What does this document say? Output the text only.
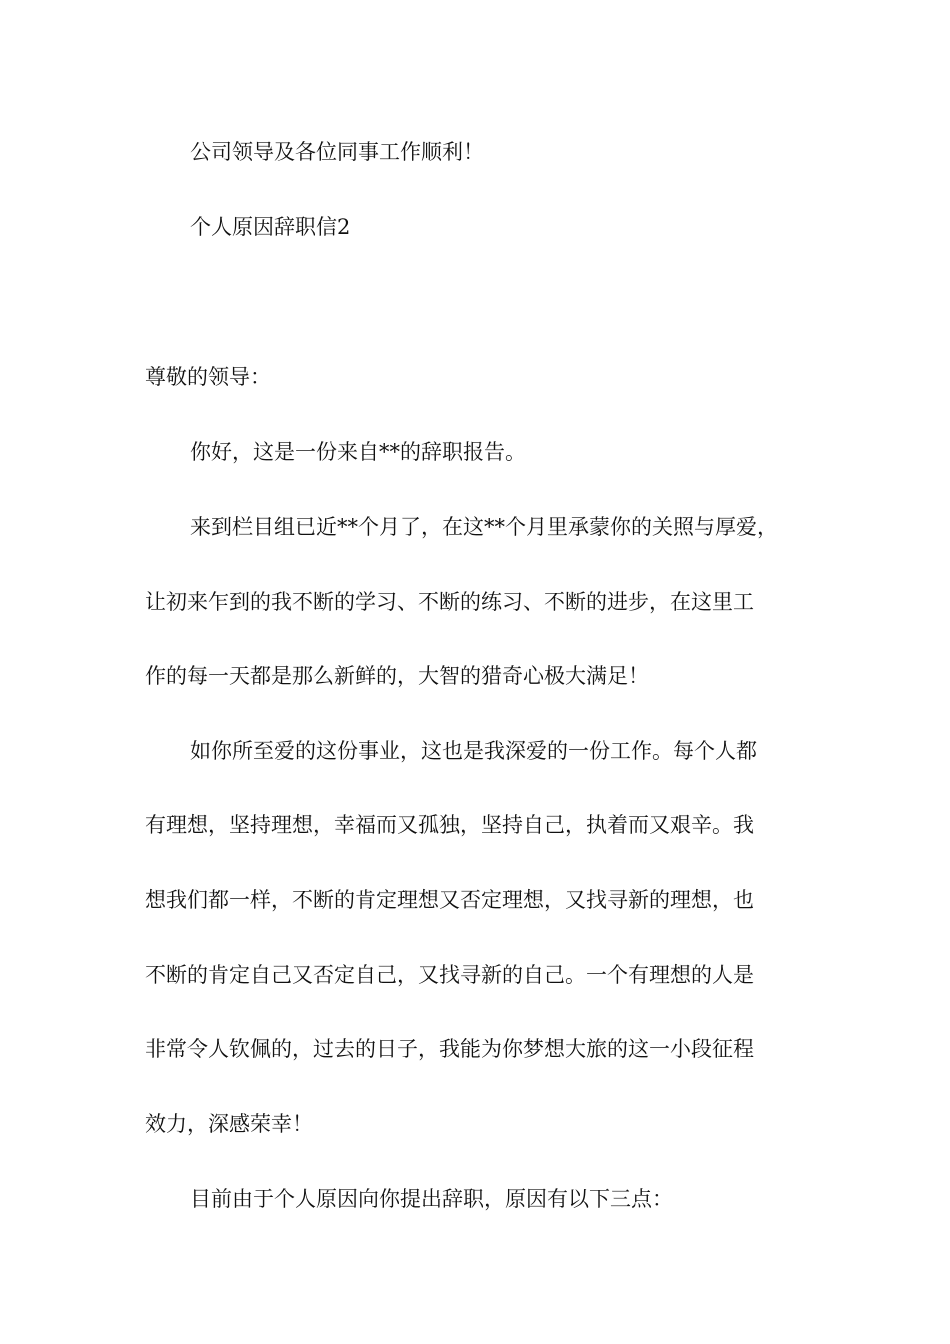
公司领导及各位同事工作顺利！
个人原因辞职信2
尊敬的领导：
你好，这是一份来自**的辞职报告。
来到栏目组已近**个月了，在这**个月里承蒙你的关照与厚爱，
让初来乍到的我不断的学习、不断的练习、不断的进步，在这里工
作的每一天都是那么新鲜的，大智的猎奇心极大满足！
如你所至爱的这份事业，这也是我深爱的一份工作。每个人都
有理想，坚持理想，幸福而又孤独，坚持自己，执着而又艰辛。我
想我们都一样，不断的肯定理想又否定理想，又找寻新的理想，也
不断的肯定自己又否定自己，又找寻新的自己。一个有理想的人是
非常令人钦佩的，过去的日子，我能为你梦想大旅的这一小段征程
效力，深感荣幸！
目前由于个人原因向你提出辞职，原因有以下三点：
